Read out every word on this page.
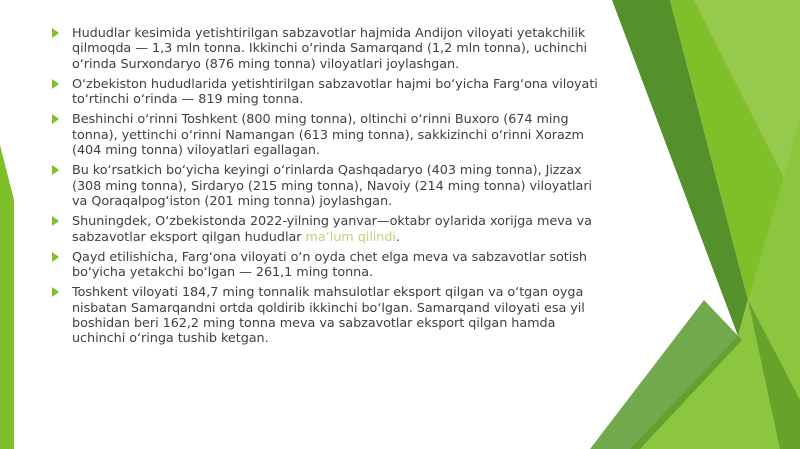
Hududlar kesimida yetishtirilgan sabzavotlar hajmida Andijon viloyati yetakchilik qilmoqda — 1,3 mln tonna. Ikkinchi o‘rinda Samarqand (1,2 mln tonna), uchinchi o‘rinda Surxondaryo (876 ming tonna) viloyatlari joylashgan.

O‘zbekiston hududlarida yetishtirilgan sabzavotlar hajmi bo‘yicha Farg‘ona viloyati to‘rtinchi o‘rinda — 819 ming tonna.

Beshinchi o‘rinni Toshkent (800 ming tonna), oltinchi o‘rinni Buxoro (674 ming tonna), yettinchi o‘rinni Namangan (613 ming tonna), sakkizinchi o‘rinni Xorazm (404 ming tonna) viloyatlari egallagan.

Bu ko‘rsatkich bo‘yicha keyingi o‘rinlarda Qashqadaryo (403 ming tonna), Jizzax (308 ming tonna), Sirdaryo (215 ming tonna), Navoiy (214 ming tonna) viloyatlari va Qoraqalpog‘iston (201 ming tonna) joylashgan.

Shuningdek, O‘zbekistonda 2022-yilning yanvar—oktabr oylarida xorijga meva va sabzavotlar eksport qilgan hududlar ma’lum qilindi.

Qayd etilishicha, Farg‘ona viloyati o‘n oyda chet elga meva va sabzavotlar sotish bo‘yicha yetakchi bo‘lgan — 261,1 ming tonna.

Toshkent viloyati 184,7 ming tonnalik mahsulotlar eksport qilgan va o‘tgan oyga nisbatan Samarqandni ortda qoldirib ikkinchi bo‘lgan. Samarqand viloyati esa yil boshidan beri 162,2 ming tonna meva va sabzavotlar eksport qilgan hamda uchinchi o‘ringa tushib ketgan.
